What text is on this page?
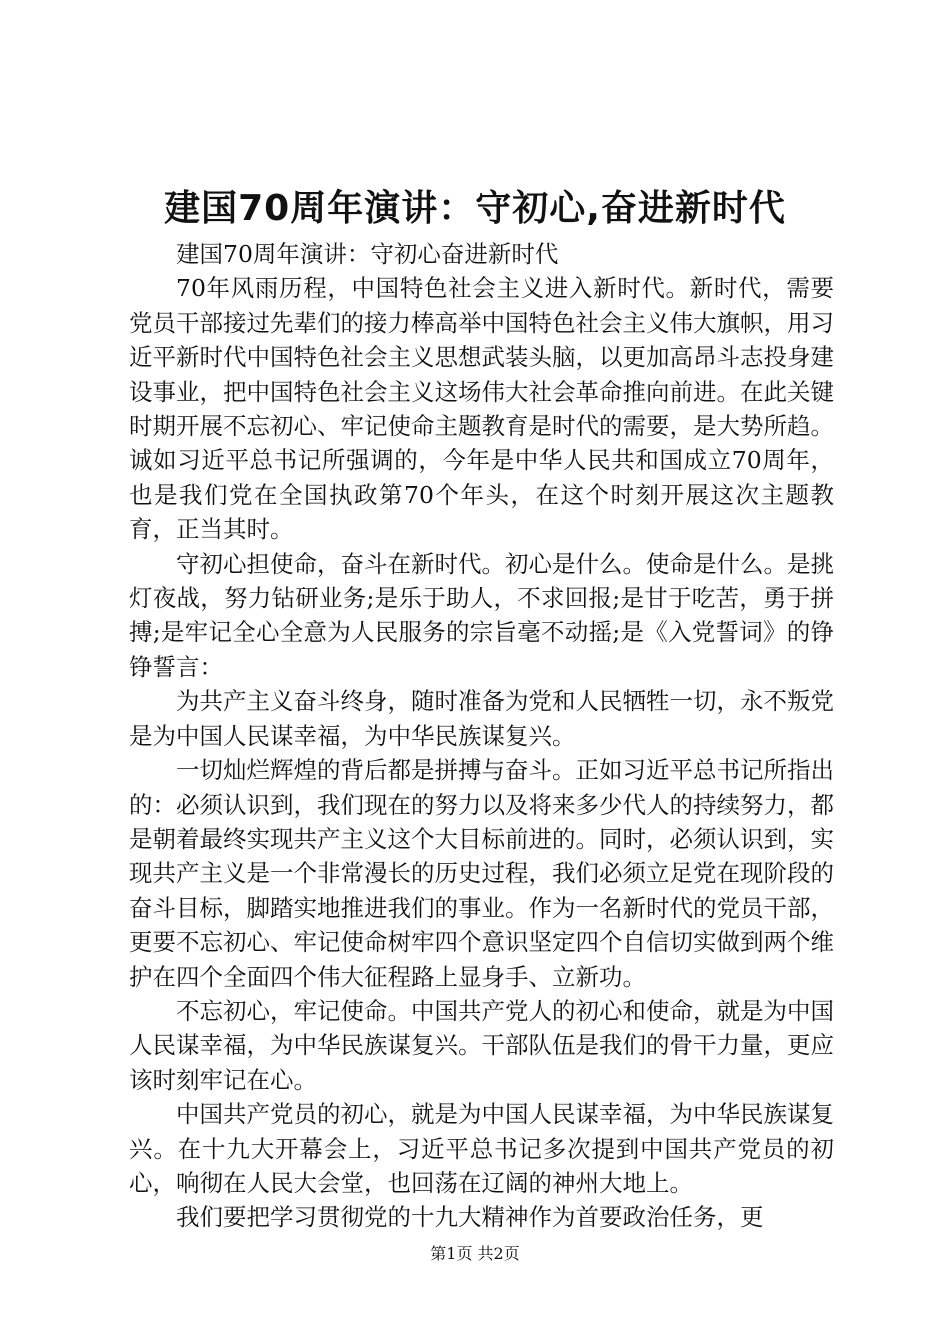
建国70周年演讲：守初心,奋进新时代

建国70周年演讲：守初心奋进新时代

70年风雨历程，中国特色社会主义进入新时代。新时代，需要党员干部接过先辈们的接力棒高举中国特色社会主义伟大旗帜，用习近平新时代中国特色社会主义思想武装头脑，以更加高昂斗志投身建设事业，把中国特色社会主义这场伟大社会革命推向前进。在此关键时期开展不忘初心、牢记使命主题教育是时代的需要，是大势所趋。诚如习近平总书记所强调的，今年是中华人民共和国成立70周年，也是我们党在全国执政第70个年头，在这个时刻开展这次主题教育，正当其时。

守初心担使命，奋斗在新时代。初心是什么。使命是什么。是挑灯夜战，努力钻研业务;是乐于助人，不求回报;是甘于吃苦，勇于拼搏;是牢记全心全意为人民服务的宗旨毫不动摇;是《入党誓词》的铮铮誓言：

为共产主义奋斗终身，随时准备为党和人民牺牲一切，永不叛党是为中国人民谋幸福，为中华民族谋复兴。

一切灿烂辉煌的背后都是拼搏与奋斗。正如习近平总书记所指出的：必须认识到，我们现在的努力以及将来多少代人的持续努力，都是朝着最终实现共产主义这个大目标前进的。同时，必须认识到，实现共产主义是一个非常漫长的历史过程，我们必须立足党在现阶段的奋斗目标，脚踏实地推进我们的事业。作为一名新时代的党员干部，更要不忘初心、牢记使命树牢四个意识坚定四个自信切实做到两个维护在四个全面四个伟大征程路上显身手、立新功。

不忘初心，牢记使命。中国共产党人的初心和使命，就是为中国人民谋幸福，为中华民族谋复兴。干部队伍是我们的骨干力量，更应该时刻牢记在心。

中国共产党员的初心，就是为中国人民谋幸福，为中华民族谋复兴。在十九大开幕会上，习近平总书记多次提到中国共产党员的初心，响彻在人民大会堂，也回荡在辽阔的神州大地上。

我们要把学习贯彻党的十九大精神作为首要政治任务，更

第1页 共2页
